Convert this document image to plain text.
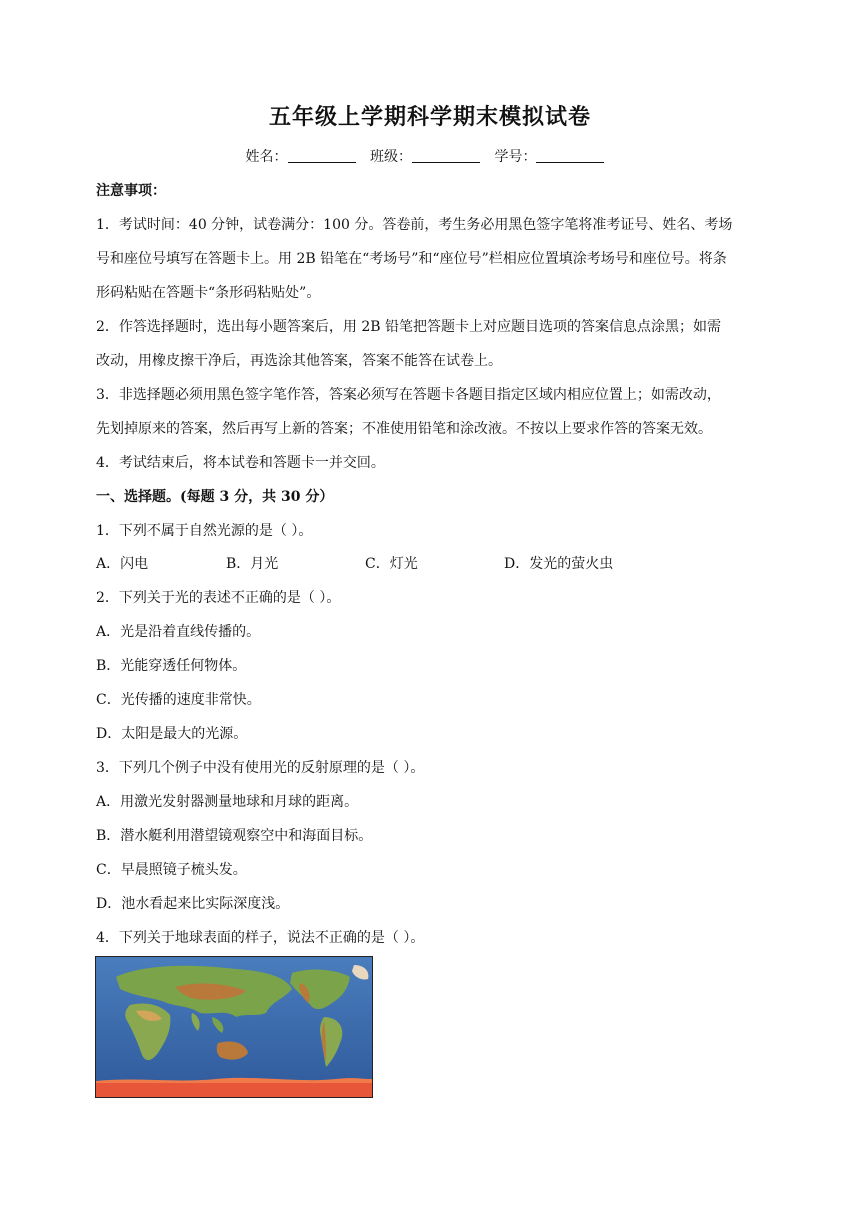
五年级上学期科学期末模拟试卷
姓名：	班级：	学号：
注意事项：
1．考试时间：40 分钟，试卷满分：100 分。答卷前，考生务必用黑色签字笔将准考证号、姓名、考场
号和座位号填写在答题卡上。用 2B 铅笔在“考场号”和“座位号”栏相应位置填涂考场号和座位号。将条
形码粘贴在答题卡“条形码粘贴处”。
2．作答选择题时，选出每小题答案后，用 2B 铅笔把答题卡上对应题目选项的答案信息点涂黑；如需
改动，用橡皮擦干净后，再选涂其他答案，答案不能答在试卷上。
3．非选择题必须用黑色签字笔作答，答案必须写在答题卡各题目指定区域内相应位置上；如需改动，
先划掉原来的答案，然后再写上新的答案；不准使用铅笔和涂改液。不按以上要求作答的答案无效。
4．考试结束后，将本试卷和答题卡一并交回。
一、选择题。(每题 3 分，共 30 分）
1．下列不属于自然光源的是（ ）。
A．闪电	B．月光	C．灯光	D．发光的萤火虫
2．下列关于光的表述不正确的是（ ）。
A．光是沿着直线传播的。
B．光能穿透任何物体。
C．光传播的速度非常快。
D．太阳是最大的光源。
3．下列几个例子中没有使用光的反射原理的是（ ）。
A．用激光发射器测量地球和月球的距离。
B．潜水艇利用潜望镜观察空中和海面目标。
C．早晨照镜子梳头发。
D．池水看起来比实际深度浅。
4．下列关于地球表面的样子，说法不正确的是（ ）。
